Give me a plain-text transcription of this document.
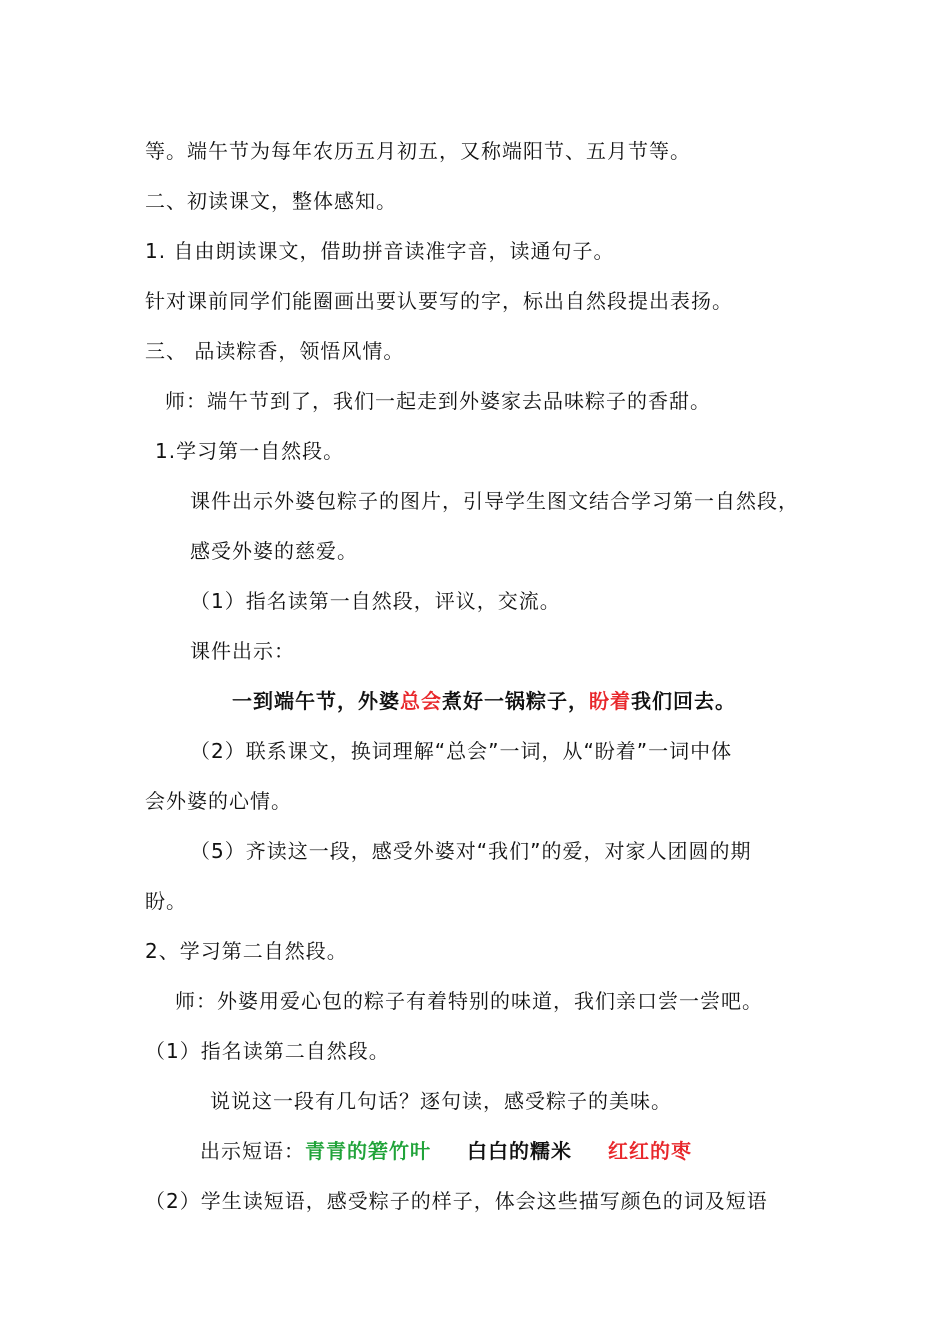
等。端午节为每年农历五月初五，又称端阳节、五月节等。
二、初读课文，整体感知。
1. 自由朗读课文，借助拼音读准字音，读通句子。
针对课前同学们能圈画出要认要写的字，标出自然段提出表扬。
三、 品读粽香，领悟风情。
师：端午节到了，我们一起走到外婆家去品味粽子的香甜。
1.学习第一自然段。
课件出示外婆包粽子的图片，引导学生图文结合学习第一自然段，
感受外婆的慈爱。
（1）指名读第一自然段，评议，交流。
课件出示：
一到端午节，外婆总会煮好一锅粽子，盼着我们回去。
（2）联系课文，换词理解“总会”一词，从“盼着”一词中体
会外婆的心情。
（5）齐读这一段，感受外婆对“我们”的爱，对家人团圆的期
盼。
2、学习第二自然段。
师：外婆用爱心包的粽子有着特别的味道，我们亲口尝一尝吧。
（1）指名读第二自然段。
说说这一段有几句话？逐句读，感受粽子的美味。
出示短语：青青的箬竹叶 白白的糯米 红红的枣
（2）学生读短语，感受粽子的样子，体会这些描写颜色的词及短语
